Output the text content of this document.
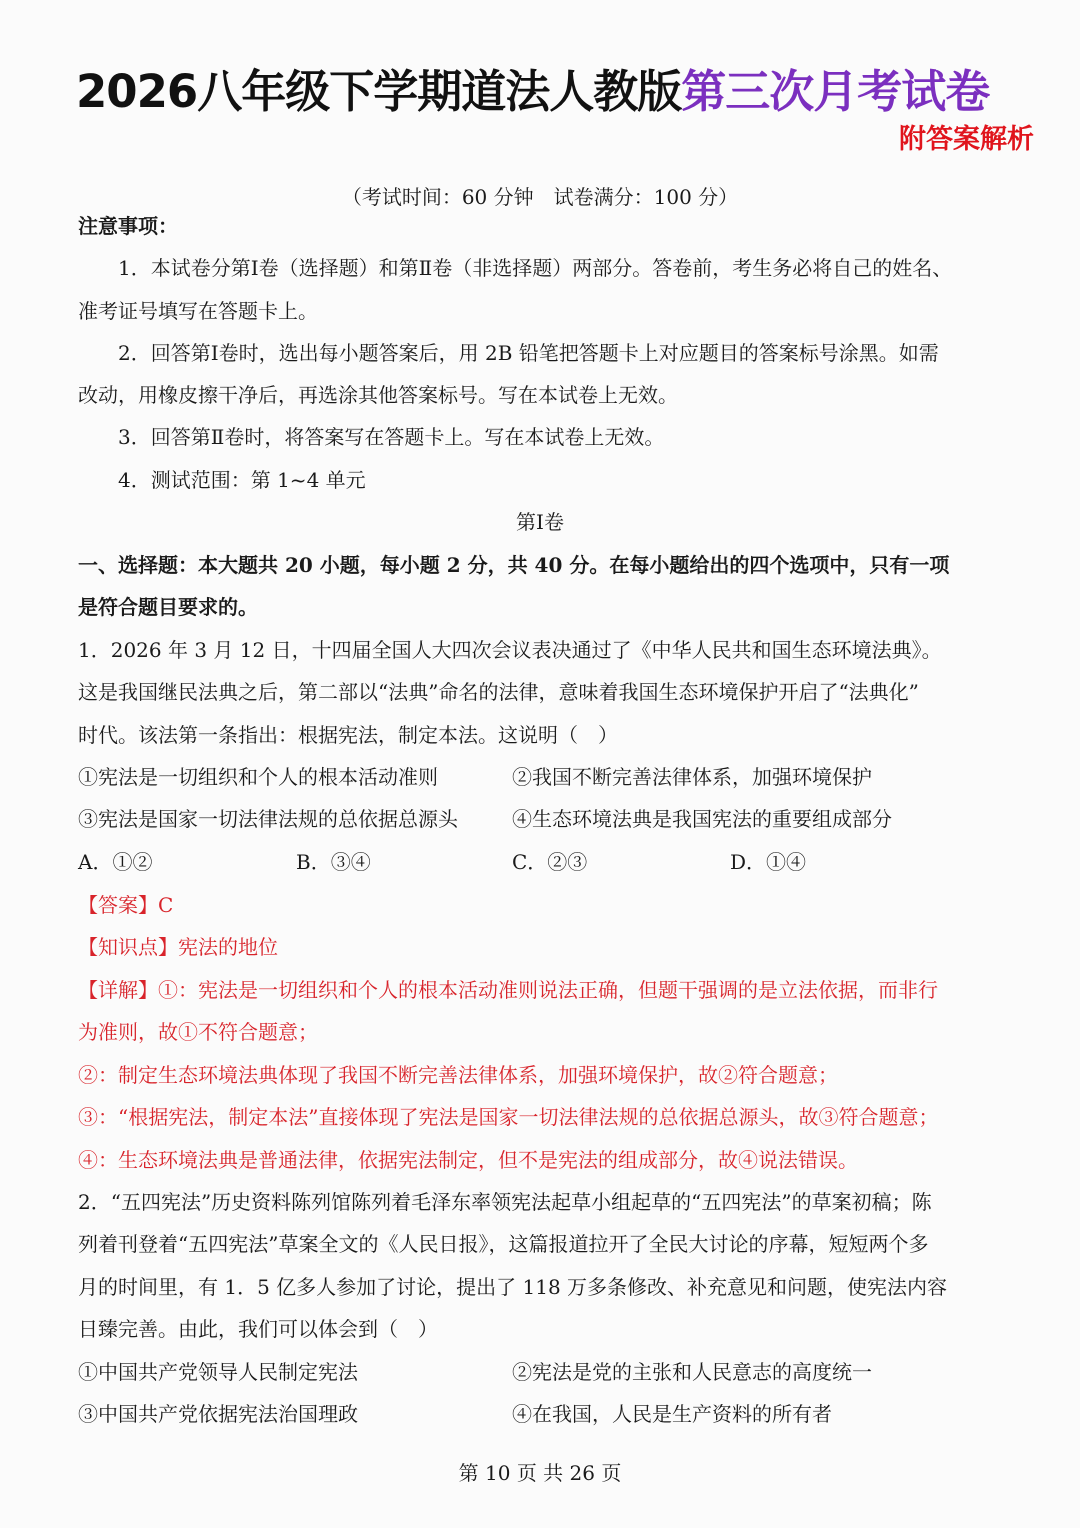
2026八年级下学期道法人教版第三次月考试卷
附答案解析
（考试时间：60 分钟　试卷满分：100 分）
注意事项：
1．本试卷分第Ⅰ卷（选择题）和第Ⅱ卷（非选择题）两部分。答卷前，考生务必将自己的姓名、
准考证号填写在答题卡上。
2．回答第Ⅰ卷时，选出每小题答案后，用 2B 铅笔把答题卡上对应题目的答案标号涂黑。如需
改动，用橡皮擦干净后，再选涂其他答案标号。写在本试卷上无效。
3．回答第Ⅱ卷时，将答案写在答题卡上。写在本试卷上无效。
4．测试范围：第 1~4 单元
第Ⅰ卷
一、选择题：本大题共 20 小题，每小题 2 分，共 40 分。在每小题给出的四个选项中，只有一项
是符合题目要求的。
1．2026 年 3 月 12 日，十四届全国人大四次会议表决通过了《中华人民共和国生态环境法典》。
这是我国继民法典之后，第二部以“法典”命名的法律，意味着我国生态环境保护开启了“法典化”
时代。该法第一条指出：根据宪法，制定本法。这说明（　）
①宪法是一切组织和个人的根本活动准则	②我国不断完善法律体系，加强环境保护
③宪法是国家一切法律法规的总依据总源头	④生态环境法典是我国宪法的重要组成部分
A．①②	B．③④	C．②③	D．①④
【答案】C
【知识点】宪法的地位
【详解】①：宪法是一切组织和个人的根本活动准则说法正确，但题干强调的是立法依据，而非行
为准则，故①不符合题意；
②：制定生态环境法典体现了我国不断完善法律体系，加强环境保护，故②符合题意；
③：“根据宪法，制定本法”直接体现了宪法是国家一切法律法规的总依据总源头，故③符合题意；
④：生态环境法典是普通法律，依据宪法制定，但不是宪法的组成部分，故④说法错误。
2．“五四宪法”历史资料陈列馆陈列着毛泽东率领宪法起草小组起草的“五四宪法”的草案初稿；陈
列着刊登着“五四宪法”草案全文的《人民日报》，这篇报道拉开了全民大讨论的序幕，短短两个多
月的时间里，有 1．5 亿多人参加了讨论，提出了 118 万多条修改、补充意见和问题，使宪法内容
日臻完善。由此，我们可以体会到（　）
①中国共产党领导人民制定宪法	②宪法是党的主张和人民意志的高度统一
③中国共产党依据宪法治国理政	④在我国，人民是生产资料的所有者
第 10 页 共 26 页
